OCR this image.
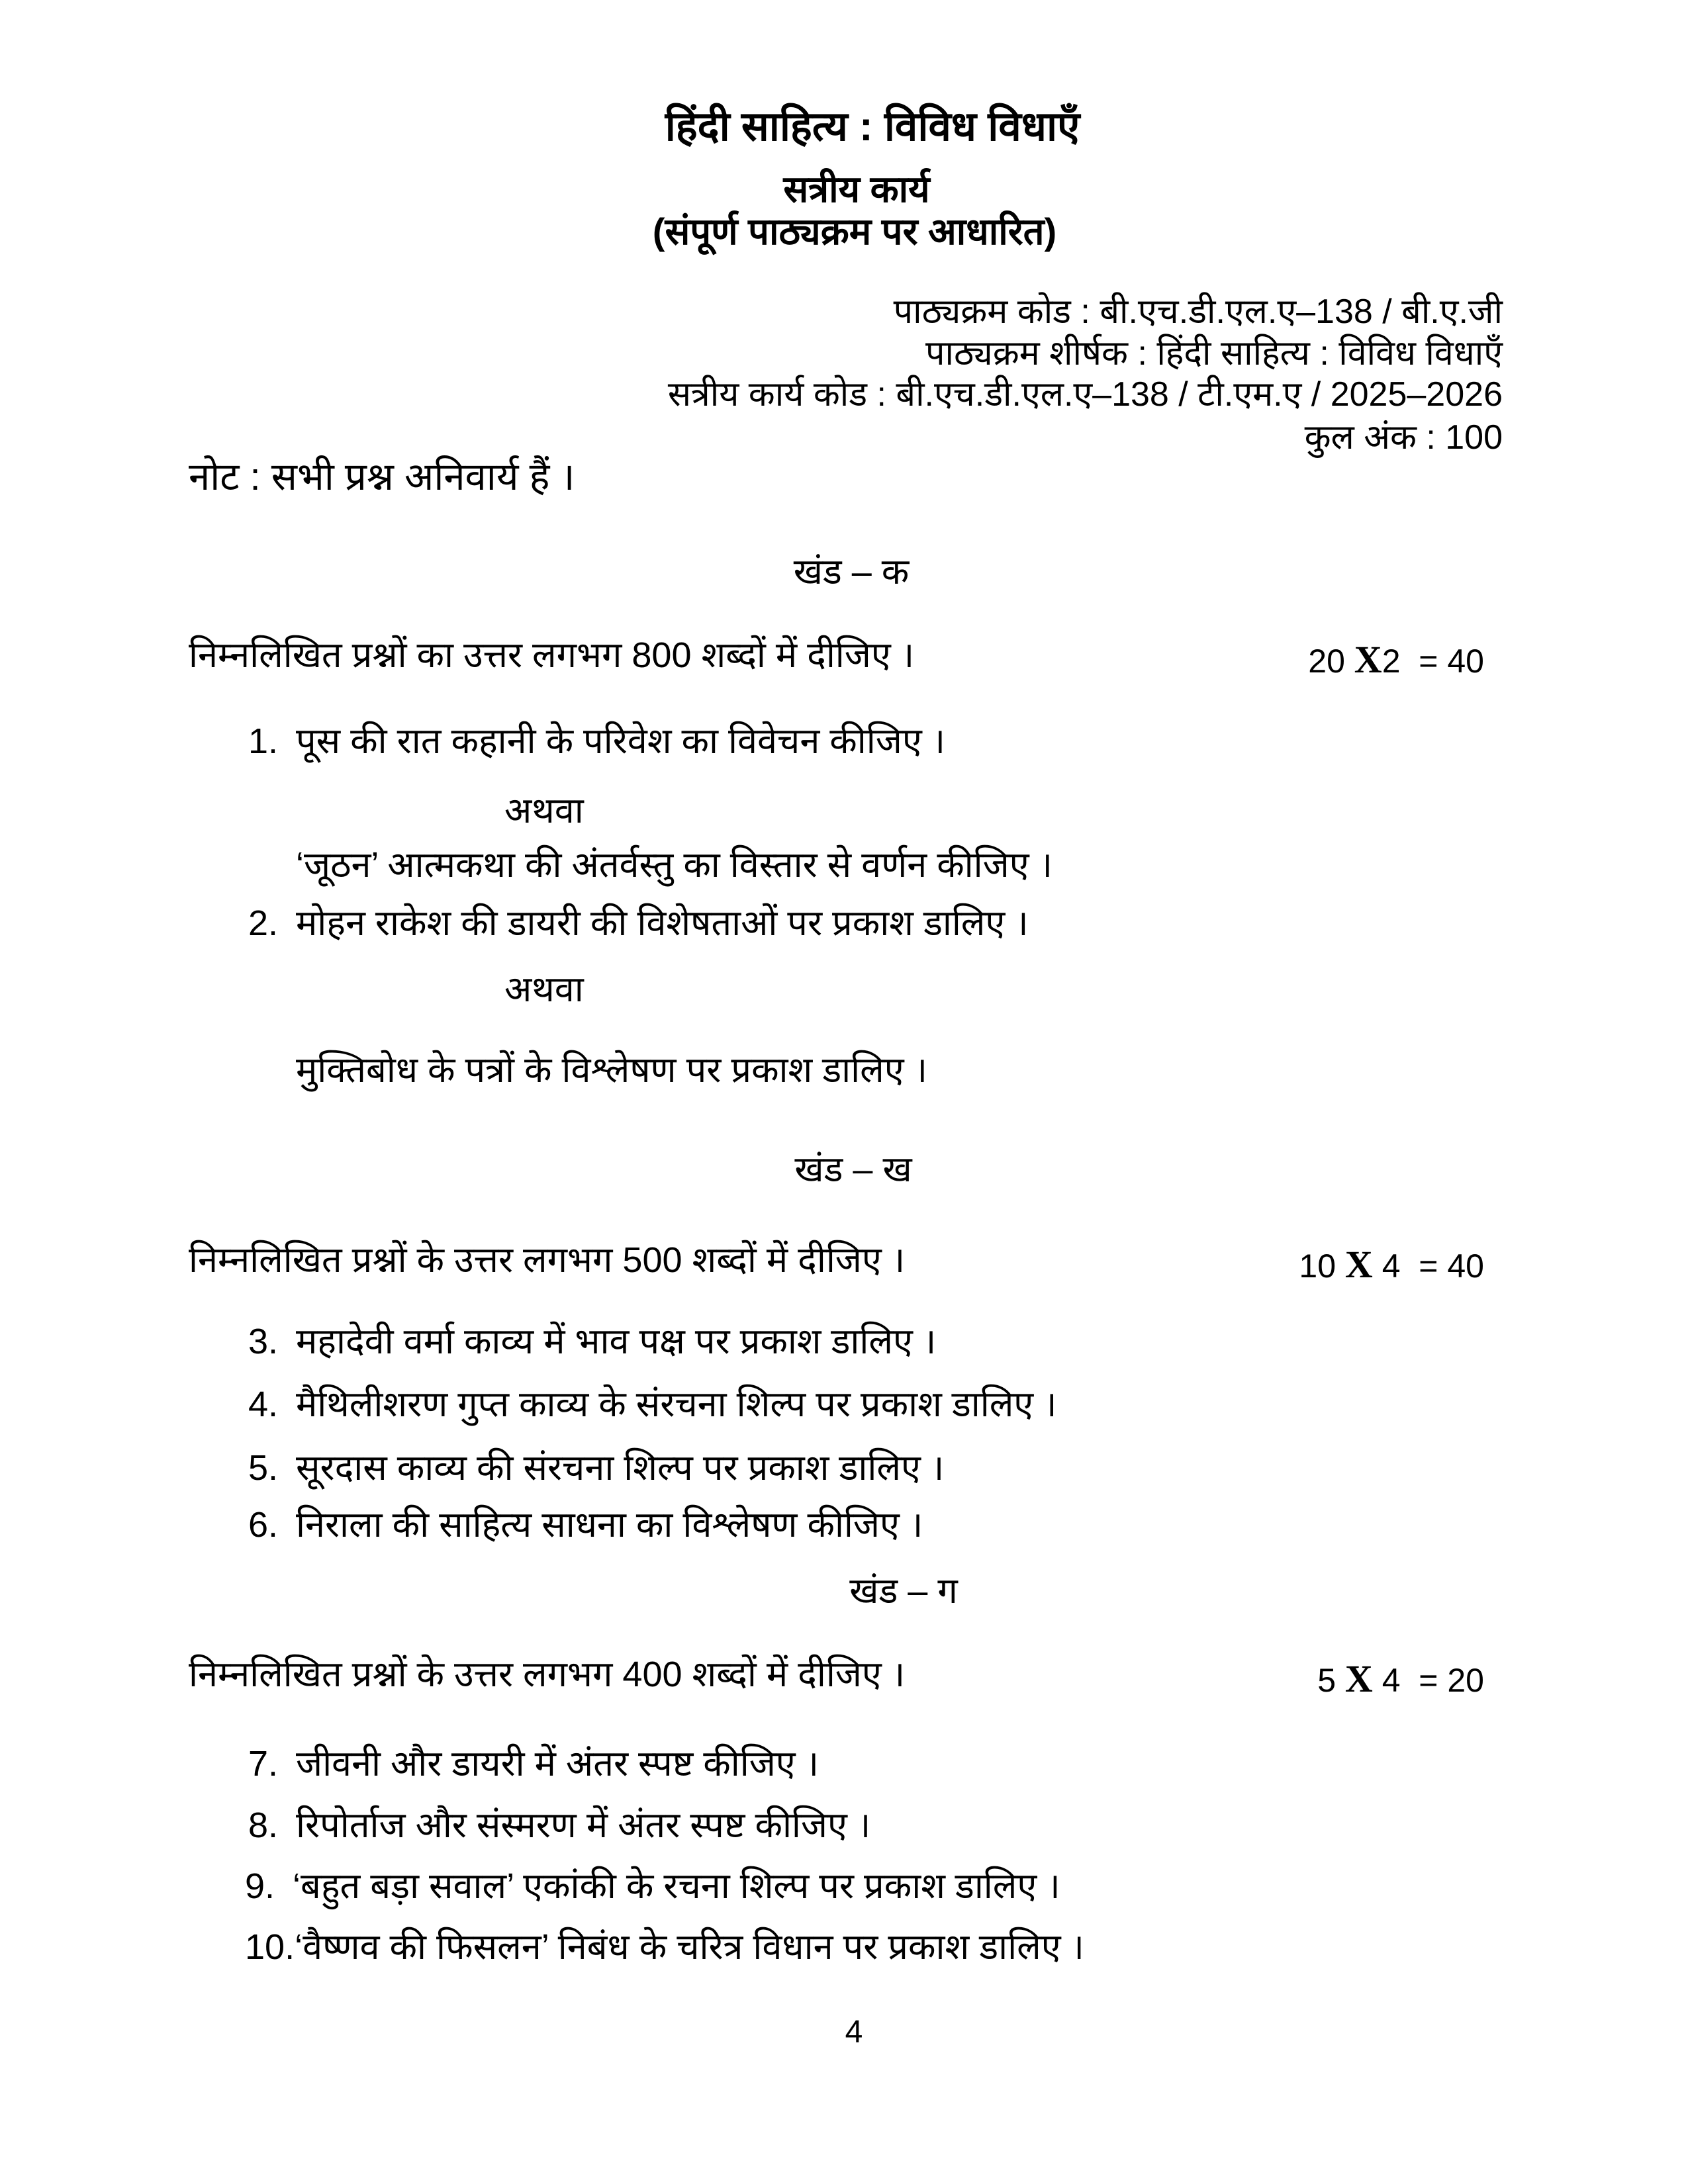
हिंदी साहित्य : विविध विधाएँ
सत्रीय कार्य
(संपूर्ण पाठ्यक्रम पर आधारित)
पाठ्यक्रम कोड : बी.एच.डी.एल.ए–138 / बी.ए.जी
पाठ्यक्रम शीर्षक : हिंदी साहित्य : विविध विधाएँ
सत्रीय कार्य कोड : बी.एच.डी.एल.ए–138 / टी.एम.ए / 2025–2026
कुल अंक : 100
नोट : सभी प्रश्न अनिवार्य हैं ।
खंड – क
निम्नलिखित प्रश्नों का उत्तर लगभग 800 शब्दों में दीजिए ।	20 X2  = 40
1. पूस की रात कहानी के परिवेश का विवेचन कीजिए ।
अथवा
‘जूठन’ आत्मकथा की अंतर्वस्तु का विस्तार से वर्णन कीजिए ।
2. मोहन राकेश की डायरी की विशेषताओं पर प्रकाश डालिए ।
अथवा
मुक्तिबोध के पत्रों के विश्लेषण पर प्रकाश डालिए ।
खंड – ख
निम्नलिखित प्रश्नों के उत्तर लगभग 500 शब्दों में दीजिए ।	10 X 4  = 40
3. महादेवी वर्मा काव्य में भाव पक्ष पर प्रकाश डालिए ।
4. मैथिलीशरण गुप्त काव्य के संरचना शिल्प पर प्रकाश डालिए ।
5. सूरदास काव्य की संरचना शिल्प पर प्रकाश डालिए ।
6. निराला की साहित्य साधना का विश्लेषण कीजिए ।
खंड – ग
निम्नलिखित प्रश्नों के उत्तर लगभग 400 शब्दों में दीजिए ।	5 X 4  = 20
7. जीवनी और डायरी में अंतर स्पष्ट कीजिए ।
8. रिपोर्ताज और संस्मरण में अंतर स्पष्ट कीजिए ।
9. ‘बहुत बड़ा सवाल’ एकांकी के रचना शिल्प पर प्रकाश डालिए ।
10.‘वैष्णव की फिसलन’ निबंध के चरित्र विधान पर प्रकाश डालिए ।
4
